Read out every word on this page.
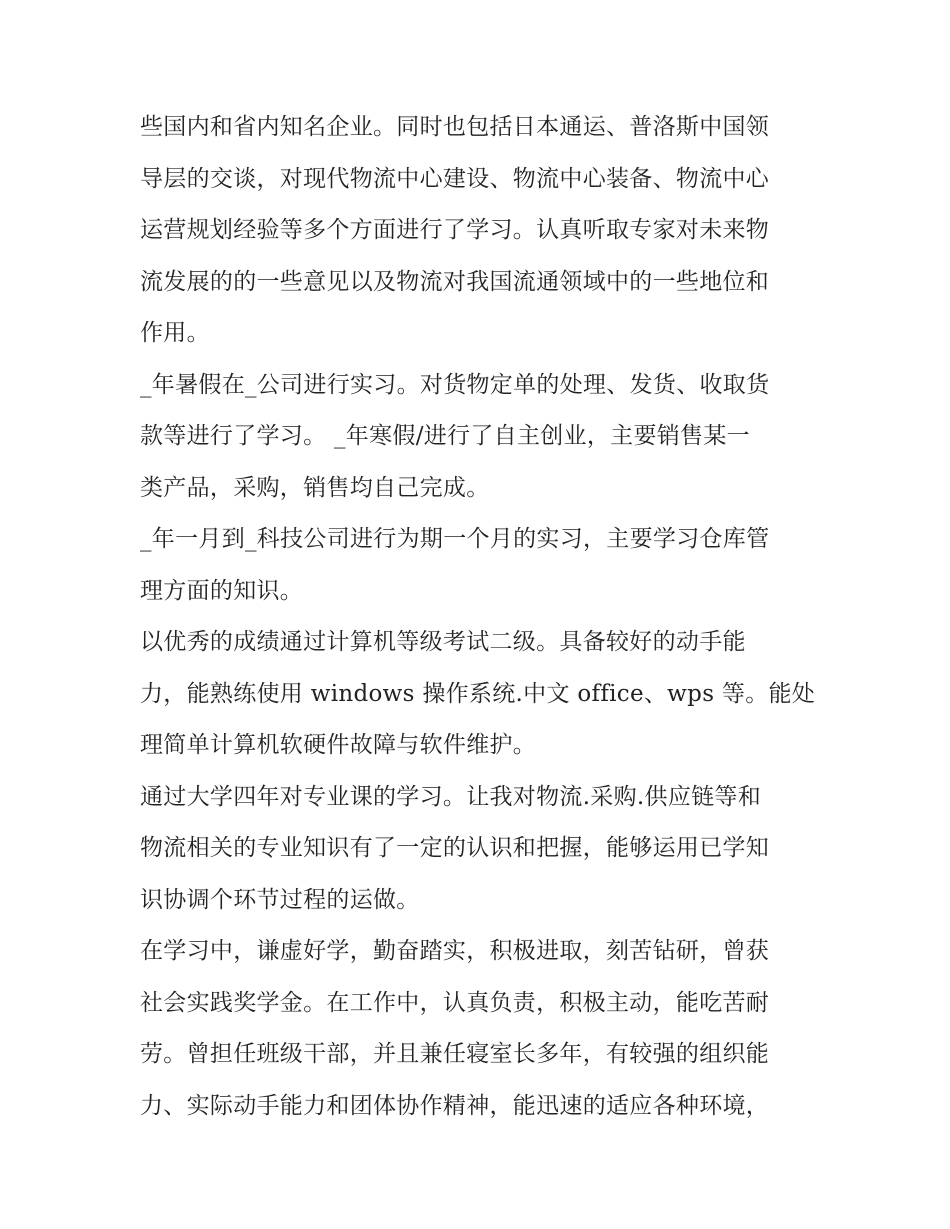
些国内和省内知名企业。同时也包括日本通运、普洛斯中国领
导层的交谈，对现代物流中心建设、物流中心装备、物流中心
运营规划经验等多个方面进行了学习。认真听取专家对未来物
流发展的的一些意见以及物流对我国流通领域中的一些地位和
作用。
_年暑假在_公司进行实习。对货物定单的处理、发货、收取货
款等进行了学习。 _年寒假/进行了自主创业，主要销售某一
类产品，采购，销售均自己完成。
_年一月到_科技公司进行为期一个月的实习，主要学习仓库管
理方面的知识。
以优秀的成绩通过计算机等级考试二级。具备较好的动手能
力，能熟练使用 windows 操作系统.中文 office、wps 等。能处
理简单计算机软硬件故障与软件维护。
通过大学四年对专业课的学习。让我对物流.采购.供应链等和
物流相关的专业知识有了一定的认识和把握，能够运用已学知
识协调个环节过程的运做。
在学习中，谦虚好学，勤奋踏实，积极进取，刻苦钻研，曾获
社会实践奖学金。在工作中，认真负责，积极主动，能吃苦耐
劳。曾担任班级干部，并且兼任寝室长多年，有较强的组织能
力、实际动手能力和团体协作精神，能迅速的适应各种环境，
